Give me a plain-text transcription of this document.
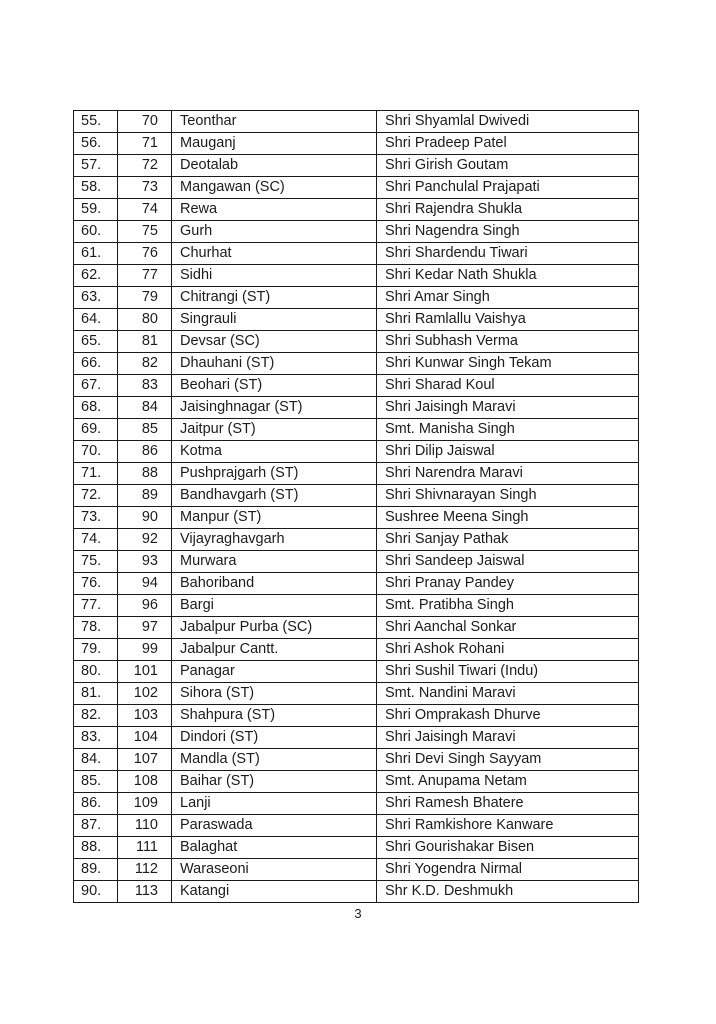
55.	70	Teonthar	Shri Shyamlal Dwivedi
56.	71	Mauganj	Shri Pradeep Patel
57.	72	Deotalab	Shri Girish Goutam
58.	73	Mangawan (SC)	Shri Panchulal Prajapati
59.	74	Rewa	Shri Rajendra Shukla
60.	75	Gurh	Shri Nagendra Singh
61.	76	Churhat	Shri Shardendu Tiwari
62.	77	Sidhi	Shri Kedar Nath Shukla
63.	79	Chitrangi (ST)	Shri Amar Singh
64.	80	Singrauli	Shri Ramlallu Vaishya
65.	81	Devsar (SC)	Shri Subhash Verma
66.	82	Dhauhani (ST)	Shri Kunwar Singh Tekam
67.	83	Beohari (ST)	Shri Sharad Koul
68.	84	Jaisinghnagar (ST)	Shri Jaisingh Maravi
69.	85	Jaitpur (ST)	Smt. Manisha Singh
70.	86	Kotma	Shri Dilip Jaiswal
71.	88	Pushprajgarh (ST)	Shri Narendra Maravi
72.	89	Bandhavgarh (ST)	Shri Shivnarayan Singh
73.	90	Manpur (ST)	Sushree Meena Singh
74.	92	Vijayraghavgarh	Shri Sanjay Pathak
75.	93	Murwara	Shri Sandeep Jaiswal
76.	94	Bahoriband	Shri Pranay Pandey
77.	96	Bargi	Smt. Pratibha Singh
78.	97	Jabalpur Purba (SC)	Shri Aanchal Sonkar
79.	99	Jabalpur Cantt.	Shri Ashok Rohani
80.	101	Panagar	Shri Sushil Tiwari (Indu)
81.	102	Sihora (ST)	Smt. Nandini Maravi
82.	103	Shahpura (ST)	Shri Omprakash Dhurve
83.	104	Dindori (ST)	Shri Jaisingh Maravi
84.	107	Mandla (ST)	Shri Devi Singh Sayyam
85.	108	Baihar (ST)	Smt. Anupama Netam
86.	109	Lanji	Shri Ramesh Bhatere
87.	110	Paraswada	Shri Ramkishore Kanware
88.	111	Balaghat	Shri Gourishakar Bisen
89.	112	Waraseoni	Shri Yogendra Nirmal
90.	113	Katangi	Shr K.D. Deshmukh
3
